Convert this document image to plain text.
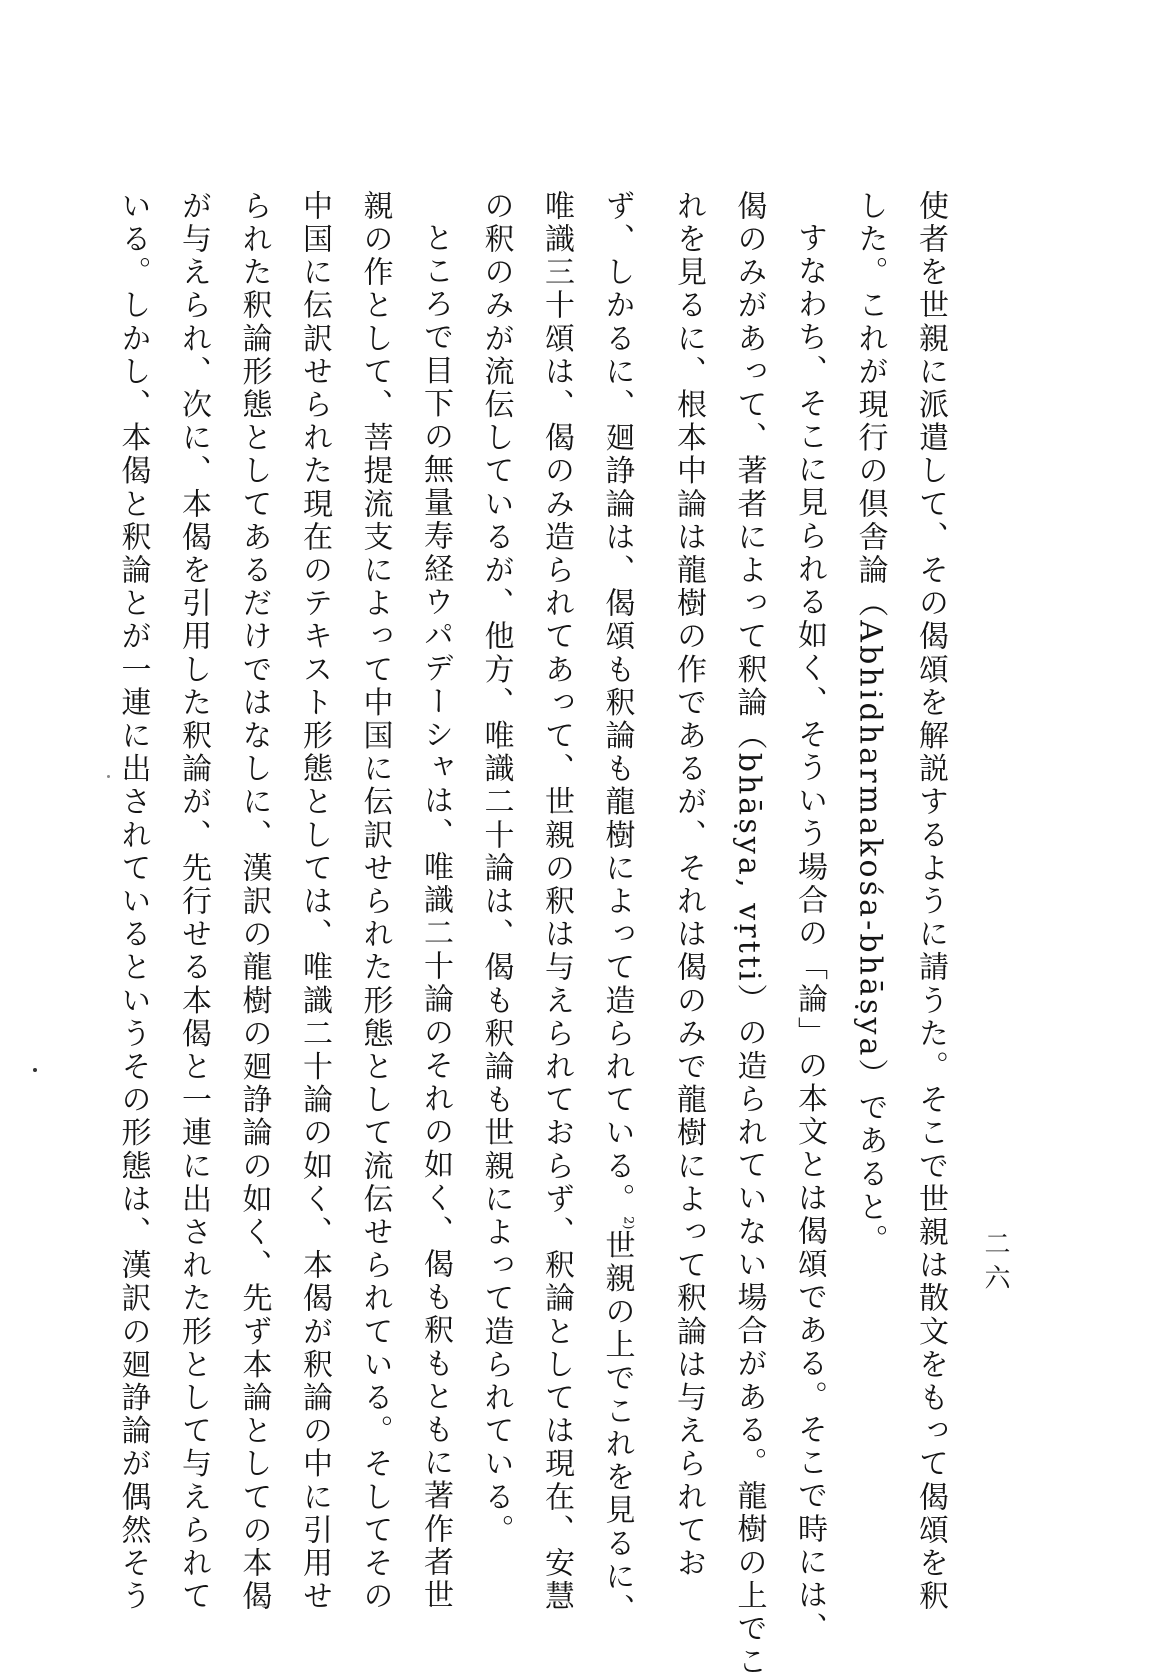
二六
使者を世親に派遣して、その偈頌を解説するように請うた。そこで世親は散文をもって偈頌を釈
した。これが現行の倶舎論（Abhidharmakośa-bhāṣya）であると。
すなわち、そこに見られる如く、そういう場合の「論」の本文とは偈頌である。そこで時には、
偈のみがあって、著者によって釈論（bhāṣya, vṛtti）の造られていない場合がある。龍樹の上でこ
れを見るに、根本中論は龍樹の作であるが、それは偈のみで龍樹によって釈論は与えられてお
ず、しかるに、廻諍論は、偈頌も釈論も龍樹によって造られている。$^{2)}$世親の上でこれを見るに、
唯識三十頌は、偈のみ造られてあって、世親の釈は与えられておらず、釈論としては現在、安慧
の釈のみが流伝しているが、他方、唯識二十論は、偈も釈論も世親によって造られている。
ところで目下の無量寿経ウパデーシャは、唯識二十論のそれの如く、偈も釈もともに著作者世
親の作として、菩提流支によって中国に伝訳せられた形態として流伝せられている。そしてその
中国に伝訳せられた現在のテキスト形態としては、唯識二十論の如く、本偈が釈論の中に引用せ
られた釈論形態としてあるだけではなしに、漢訳の龍樹の廻諍論の如く、先ず本論としての本偈
が与えられ、次に、本偈を引用した釈論が、先行せる本偈と一連に出された形として与えられて
いる。しかし、本偈と釈論とが一連に出されているというその形態は、漢訳の廻諍論が偶然そう
